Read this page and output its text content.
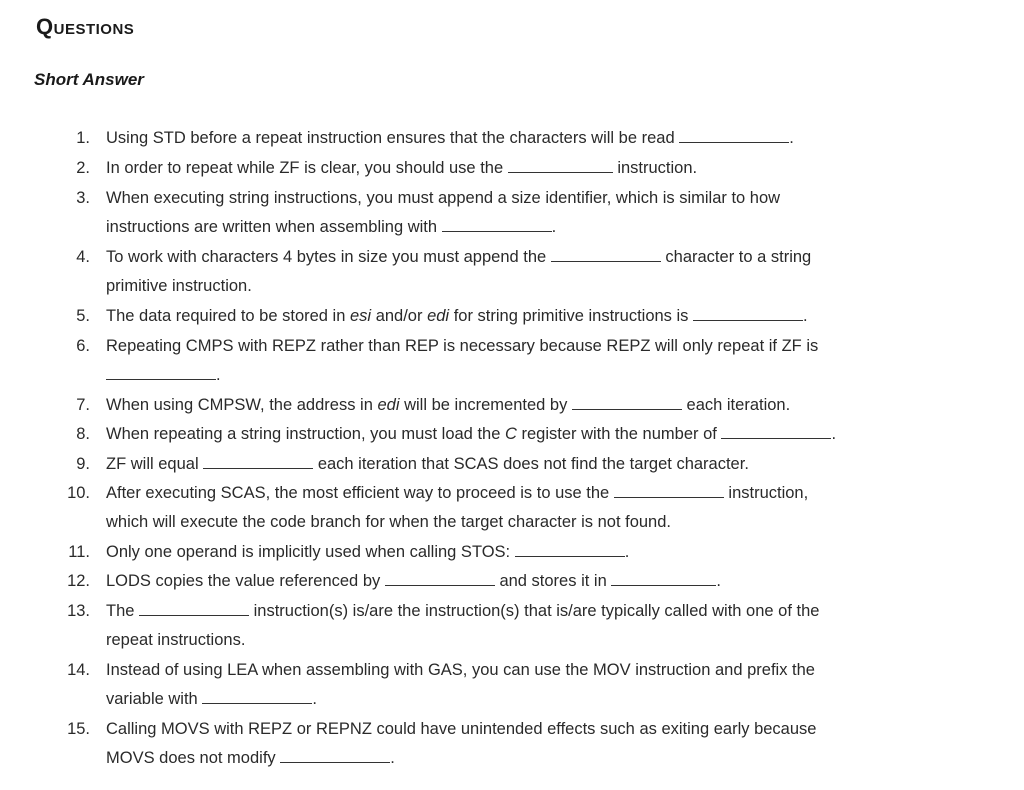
Questions
Short Answer
1. Using STD before a repeat instruction ensures that the characters will be read	.
2. In order to repeat while ZF is clear, you should use the	instruction.
3. When executing string instructions, you must append a size identifier, which is similar to how
instructions are written when assembling with	.
4. To work with characters 4 bytes in size you must append the	character to a string
primitive instruction.
5. The data required to be stored in esi and/or edi for string primitive instructions is	.
6. Repeating CMPS with REPZ rather than REP is necessary because REPZ will only repeat if ZF is
.
7. When using CMPSW, the address in edi will be incremented by	each iteration.
8. When repeating a string instruction, you must load the C register with the number of	.
9. ZF will equal	each iteration that SCAS does not find the target character.
10. After executing SCAS, the most efficient way to proceed is to use the	instruction,
which will execute the code branch for when the target character is not found.
11. Only one operand is implicitly used when calling STOS:	.
12. LODS copies the value referenced by	and stores it in	.
13. The	instruction(s) is/are the instruction(s) that is/are typically called with one of the
repeat instructions.
14. Instead of using LEA when assembling with GAS, you can use the MOV instruction and prefix the
variable with	.
15. Calling MOVS with REPZ or REPNZ could have unintended effects such as exiting early because
MOVS does not modify	.
